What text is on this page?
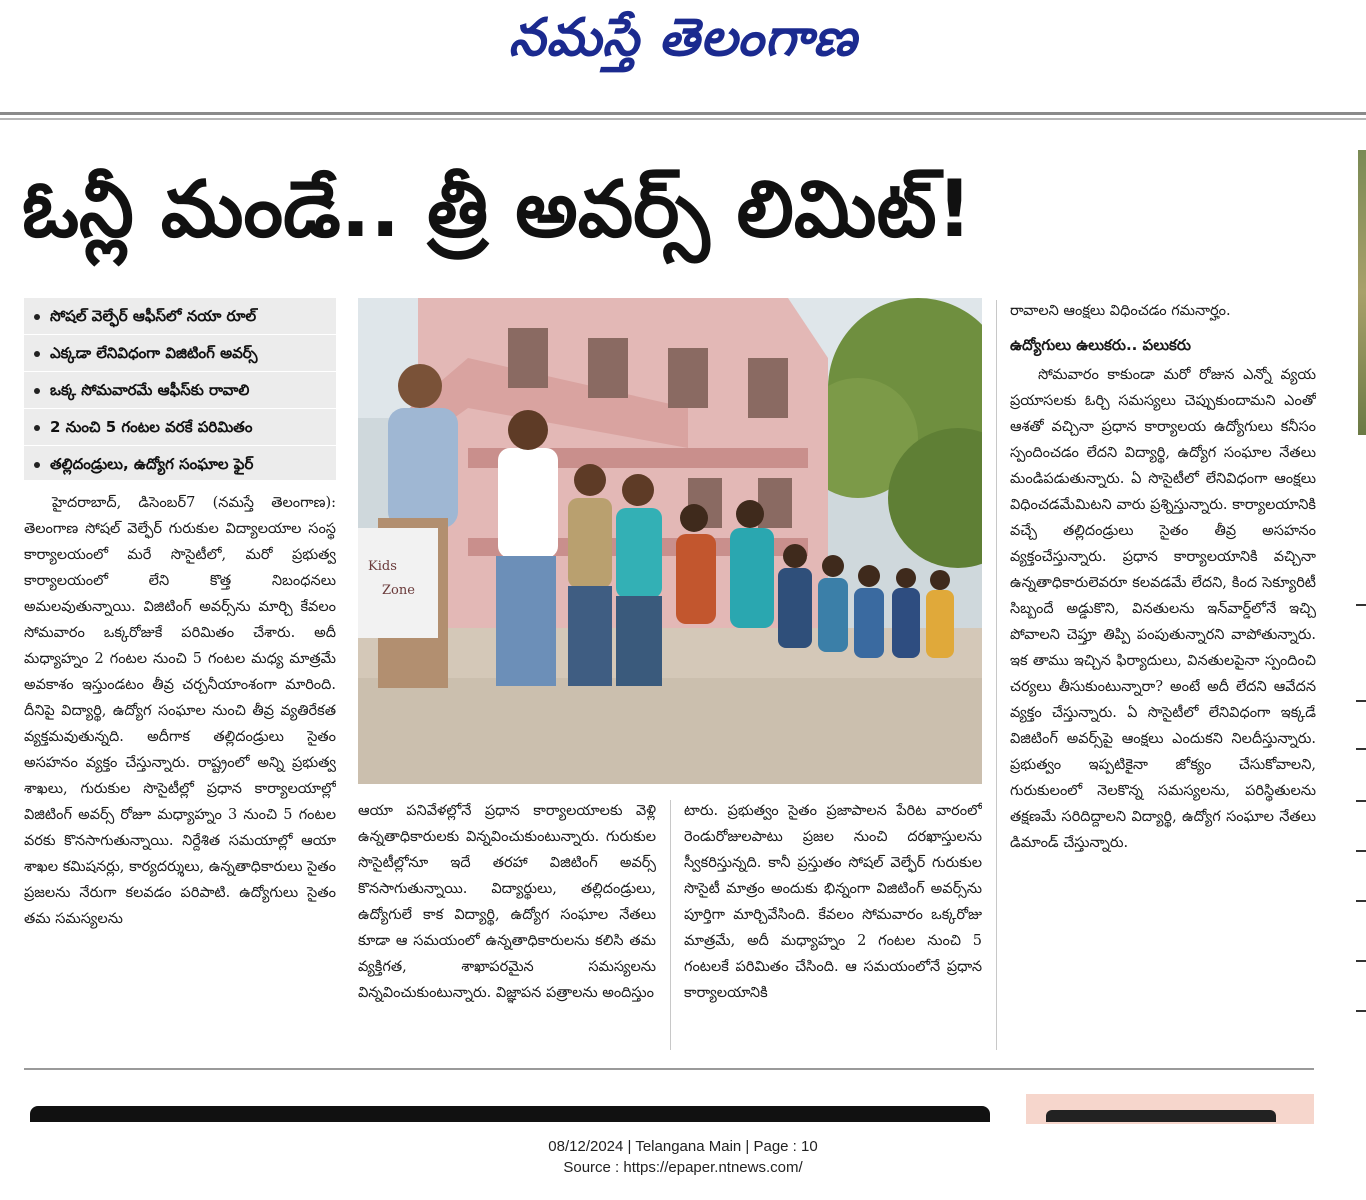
నమస్తే తెలంగాణ
ఓన్లీ మండే.. త్రీ అవర్స్ లిమిట్!
సోషల్ వెల్ఫేర్ ఆఫీస్‌లో నయా రూల్
ఎక్కడా లేనివిధంగా విజిటింగ్ అవర్స్
ఒక్క సోమవారమే ఆఫీస్‌కు రావాలి
2 నుంచి 5 గంటల వరకే పరిమితం
తల్లిదండ్రులు, ఉద్యోగ సంఘాల ఫైర్

హైదరాబాద్, డిసెంబర్7 (నమస్తే తెలంగాణ): తెలంగాణ సోషల్ వెల్ఫేర్ గురుకుల విద్యాలయాల సంస్థ కార్యాలయంలో మరే సొసైటీలో, మరో ప్రభుత్వ కార్యాలయంలో లేని కొత్త నిబంధనలు అమలవుతున్నాయి. విజిటింగ్ అవర్స్‌ను మార్చి కేవలం సోమవారం ఒక్కరోజుకే పరిమితం చేశారు. అదీ మధ్యాహ్నం 2 గంటల నుంచి 5 గంటల మధ్య మాత్రమే అవకాశం ఇస్తుండటం తీవ్ర చర్చనీయాంశంగా మారింది. దీనిపై విద్యార్థి, ఉద్యోగ సంఘాల నుంచి తీవ్ర వ్యతిరేకత వ్యక్తమవుతున్నది. అదీగాక తల్లిదండ్రులు సైతం అసహనం వ్యక్తం చేస్తున్నారు. రాష్ట్రంలో అన్ని ప్రభుత్వ శాఖలు, గురుకుల సొసైటీల్లో ప్రధాన కార్యాలయాల్లో విజిటింగ్ అవర్స్ రోజూ మధ్యాహ్నం 3 నుంచి 5 గంటల వరకు కొనసాగుతున్నాయి. నిర్దేశిత సమయాల్లో ఆయా శాఖల కమిషనర్లు, కార్యదర్శులు, ఉన్నతాధికారులు సైతం ప్రజలను నేరుగా కలవడం పరిపాటి. ఉద్యోగులు సైతం తమ సమస్యలను

Kids
Zone

ఆయా పనివేళల్లోనే ప్రధాన కార్యాలయాలకు వెళ్లి ఉన్నతాధికారులకు విన్నవించుకుంటున్నారు. గురుకుల సొసైటీల్లోనూ ఇదే తరహా విజిటింగ్ అవర్స్ కొనసాగుతున్నాయి. విద్యార్థులు, తల్లిదండ్రులు, ఉద్యోగులే కాక విద్యార్థి, ఉద్యోగ సంఘాల నేతలు కూడా ఆ సమయంలో ఉన్నతాధికారులను కలిసి తమ వ్యక్తిగత, శాఖాపరమైన సమస్యలను విన్నవించుకుంటున్నారు. విజ్ఞాపన పత్రాలను అందిస్తుం

టారు. ప్రభుత్వం సైతం ప్రజాపాలన పేరిట వారంలో రెండురోజులపాటు ప్రజల నుంచి దరఖాస్తులను స్వీకరిస్తున్నది. కానీ ప్రస్తుతం సోషల్ వెల్ఫేర్ గురుకుల సొసైటీ మాత్రం అందుకు భిన్నంగా విజిటింగ్ అవర్స్‌ను పూర్తిగా మార్చివేసింది. కేవలం సోమవారం ఒక్కరోజు మాత్రమే, అదీ మధ్యాహ్నం 2 గంటల నుంచి 5 గంటలకే పరిమితం చేసింది. ఆ సమయంలోనే ప్రధాన కార్యాలయానికి

రావాలని ఆంక్షలు విధించడం గమనార్హం.

ఉద్యోగులు ఉలుకరు.. పలుకరు

సోమవారం కాకుండా మరో రోజున ఎన్నో వ్యయ ప్రయాసలకు ఓర్చి సమస్యలు చెప్పుకుందామని ఎంతో ఆశతో వచ్చినా ప్రధాన కార్యాలయ ఉద్యోగులు కనీసం స్పందించడం లేదని విద్యార్థి, ఉద్యోగ సంఘాల నేతలు మండిపడుతున్నారు. ఏ సొసైటీలో లేనివిధంగా ఆంక్షలు విధించడమేమిటని వారు ప్రశ్నిస్తున్నారు. కార్యాలయానికి వచ్చే తల్లిదండ్రులు సైతం తీవ్ర అసహనం వ్యక్తంచేస్తున్నారు. ప్రధాన కార్యాలయానికి వచ్చినా ఉన్నతాధికారులెవరూ కలవడమే లేదని, కింద సెక్యూరిటీ సిబ్బందే అడ్డుకొని, వినతులను ఇన్‌వార్డ్‌లోనే ఇచ్చి పోవాలని చెప్తూ తిప్పి పంపుతున్నారని వాపోతున్నారు. ఇక తాము ఇచ్చిన ఫిర్యాదులు, వినతులపైనా స్పందించి చర్యలు తీసుకుంటున్నారా? అంటే అదీ లేదని ఆవేదన వ్యక్తం చేస్తున్నారు. ఏ సొసైటీలో లేనివిధంగా ఇక్కడే విజిటింగ్ అవర్స్‌పై ఆంక్షలు ఎందుకని నిలదీస్తున్నారు. ప్రభుత్వం ఇప్పటికైనా జోక్యం చేసుకోవాలని, గురుకులంలో నెలకొన్న సమస్యలను, పరిస్థితులను తక్షణమే సరిదిద్దాలని విద్యార్థి, ఉద్యోగ సంఘాల నేతలు డిమాండ్ చేస్తున్నారు.

08/12/2024 | Telangana Main | Page : 10
Source : https://epaper.ntnews.com/
